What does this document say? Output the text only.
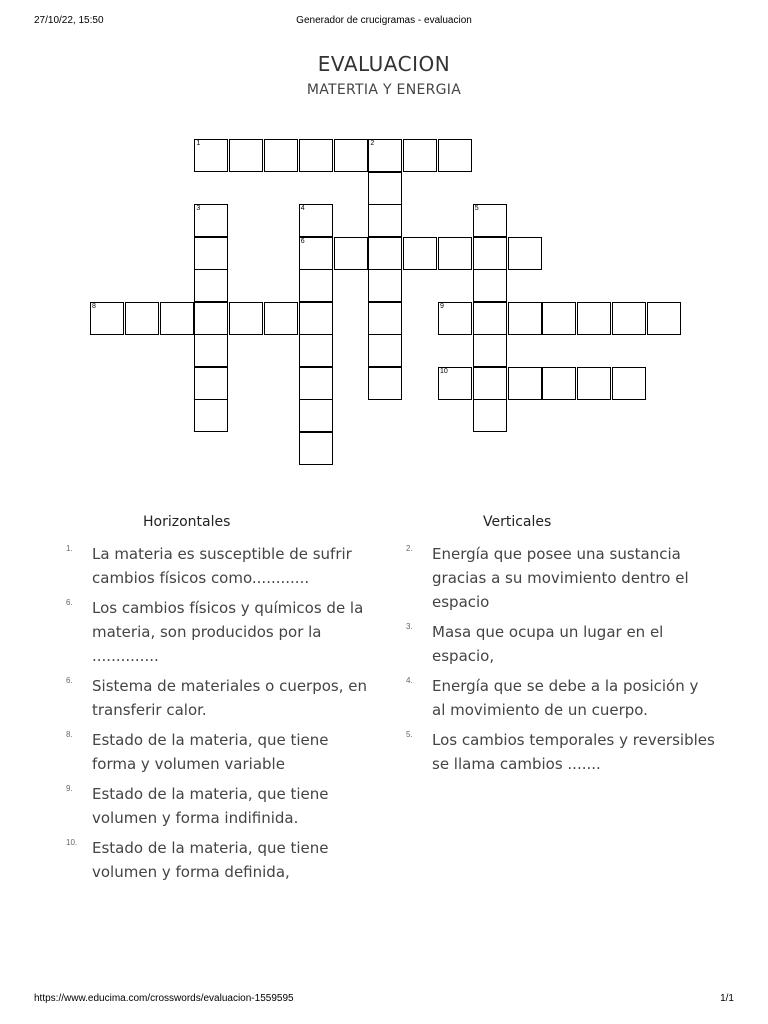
27/10/22, 15:50	Generador de crucigramas - evaluacion
EVALUACION
MATERTIA Y ENERGIA
1	2
3	4
6
5
8	9
10
Horizontales	Verticales
1. La materia es susceptible de sufrir cambios físicos como............
6. Los cambios físicos y químicos de la materia, son producidos por la ..............
6. Sistema de materiales o cuerpos, en transferir calor.
8. Estado de la materia, que tiene forma y volumen variable
9. Estado de la materia, que tiene volumen y forma indifinida.
10. Estado de la materia, que tiene volumen y forma definida,
2. Energía que posee una sustancia gracias a su movimiento dentro el espacio
3. Masa que ocupa un lugar en el espacio,
4. Energía que se debe a la posición y al movimiento de un cuerpo.
5. Los cambios temporales y reversibles se llama cambios .......
https://www.educima.com/crosswords/evaluacion-1559595	1/1
